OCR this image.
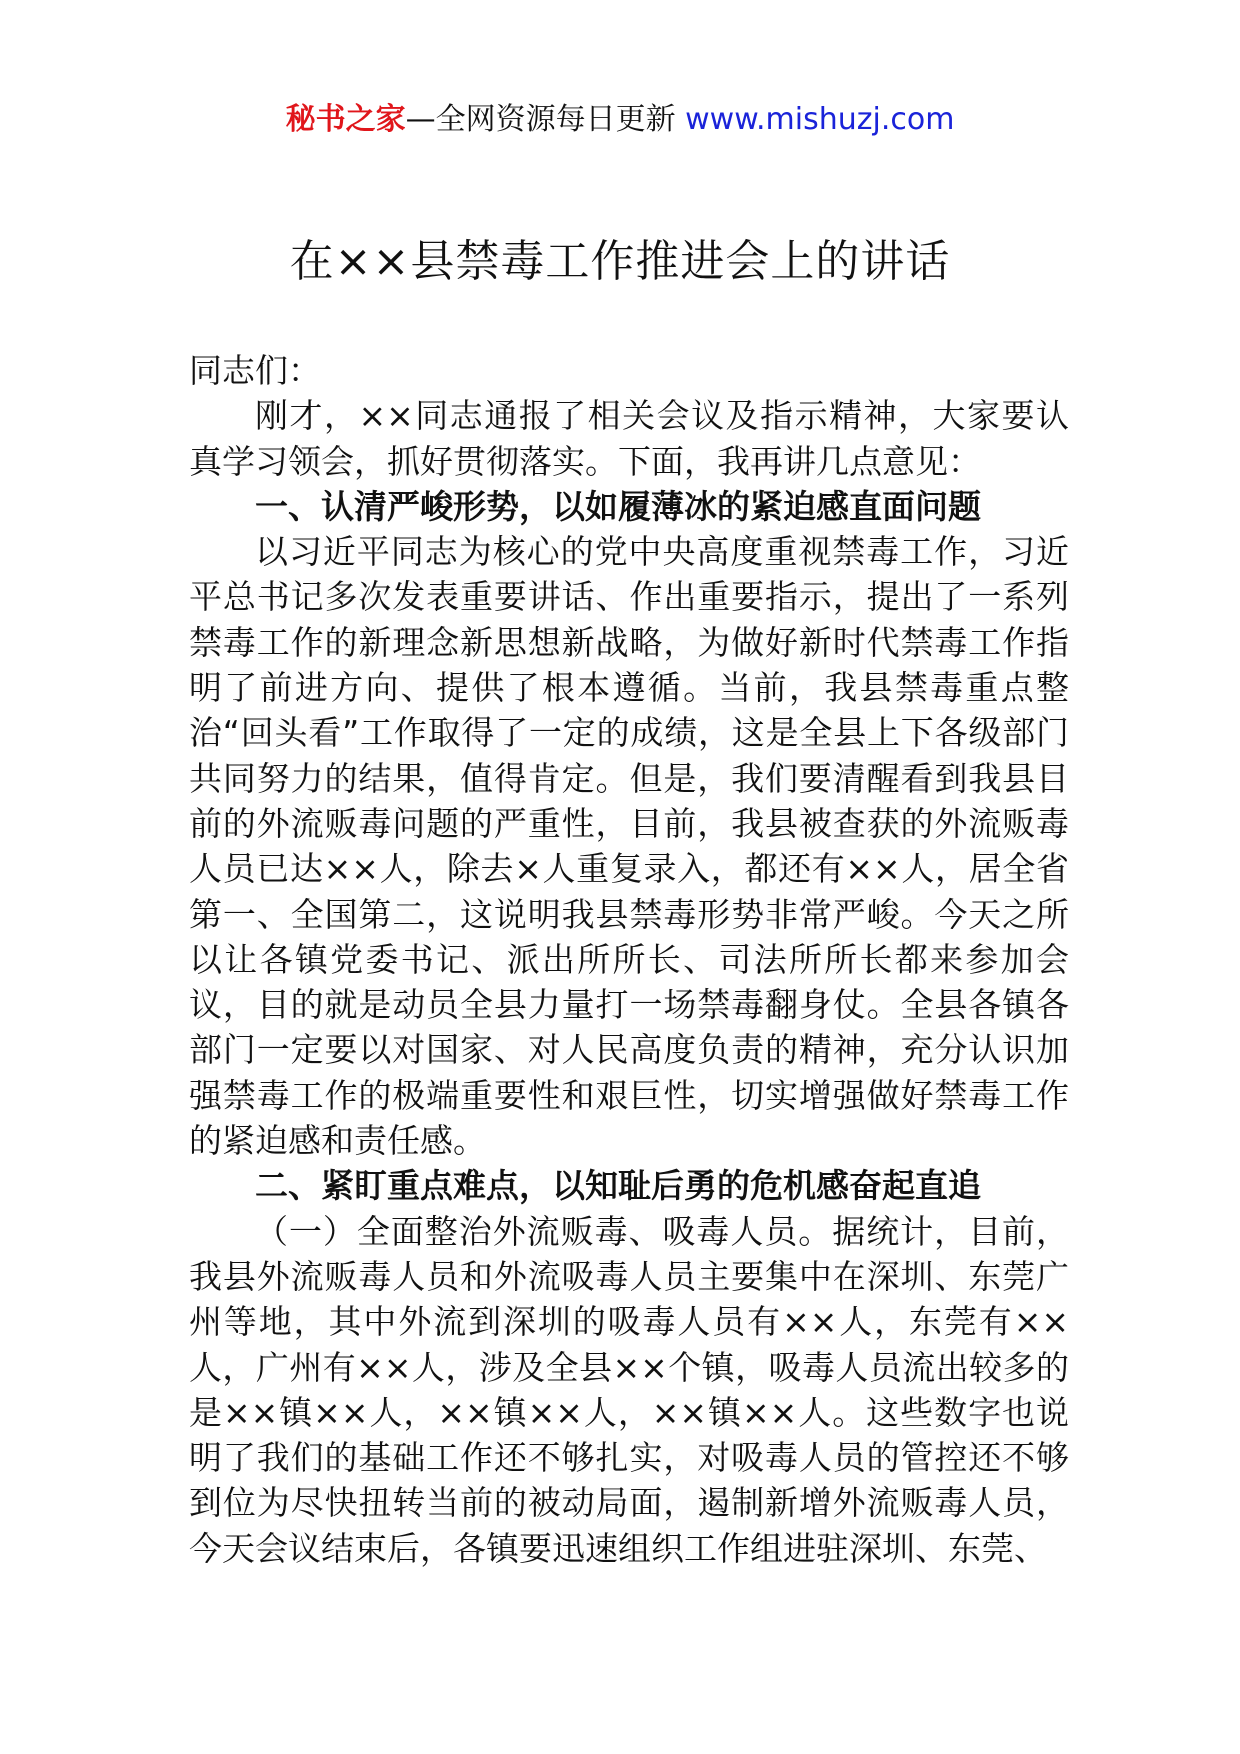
秘书之家—全网资源每日更新 www.mishuzj.com
在××县禁毒工作推进会上的讲话

同志们：

刚才，××同志通报了相关会议及指示精神，大家要认真学习领会，抓好贯彻落实。下面，我再讲几点意见：

一、认清严峻形势，以如履薄冰的紧迫感直面问题

以习近平同志为核心的党中央高度重视禁毒工作，习近平总书记多次发表重要讲话、作出重要指示，提出了一系列禁毒工作的新理念新思想新战略，为做好新时代禁毒工作指明了前进方向、提供了根本遵循。当前，我县禁毒重点整治“回头看”工作取得了一定的成绩，这是全县上下各级部门共同努力的结果，值得肯定。但是，我们要清醒看到我县目前的外流贩毒问题的严重性，目前，我县被查获的外流贩毒人员已达××人，除去×人重复录入，都还有××人，居全省第一、全国第二，这说明我县禁毒形势非常严峻。今天之所以让各镇党委书记、派出所所长、司法所所长都来参加会议，目的就是动员全县力量打一场禁毒翻身仗。全县各镇各部门一定要以对国家、对人民高度负责的精神，充分认识加强禁毒工作的极端重要性和艰巨性，切实增强做好禁毒工作的紧迫感和责任感。

二、紧盯重点难点，以知耻后勇的危机感奋起直追

（一）全面整治外流贩毒、吸毒人员。据统计，目前，我县外流贩毒人员和外流吸毒人员主要集中在深圳、东莞广州等地，其中外流到深圳的吸毒人员有××人，东莞有××人，广州有××人，涉及全县××个镇，吸毒人员流出较多的是××镇××人，××镇××人，××镇××人。这些数字也说明了我们的基础工作还不够扎实，对吸毒人员的管控还不够到位为尽快扭转当前的被动局面，遏制新增外流贩毒人员，今天会议结束后，各镇要迅速组织工作组进驻深圳、东莞、
